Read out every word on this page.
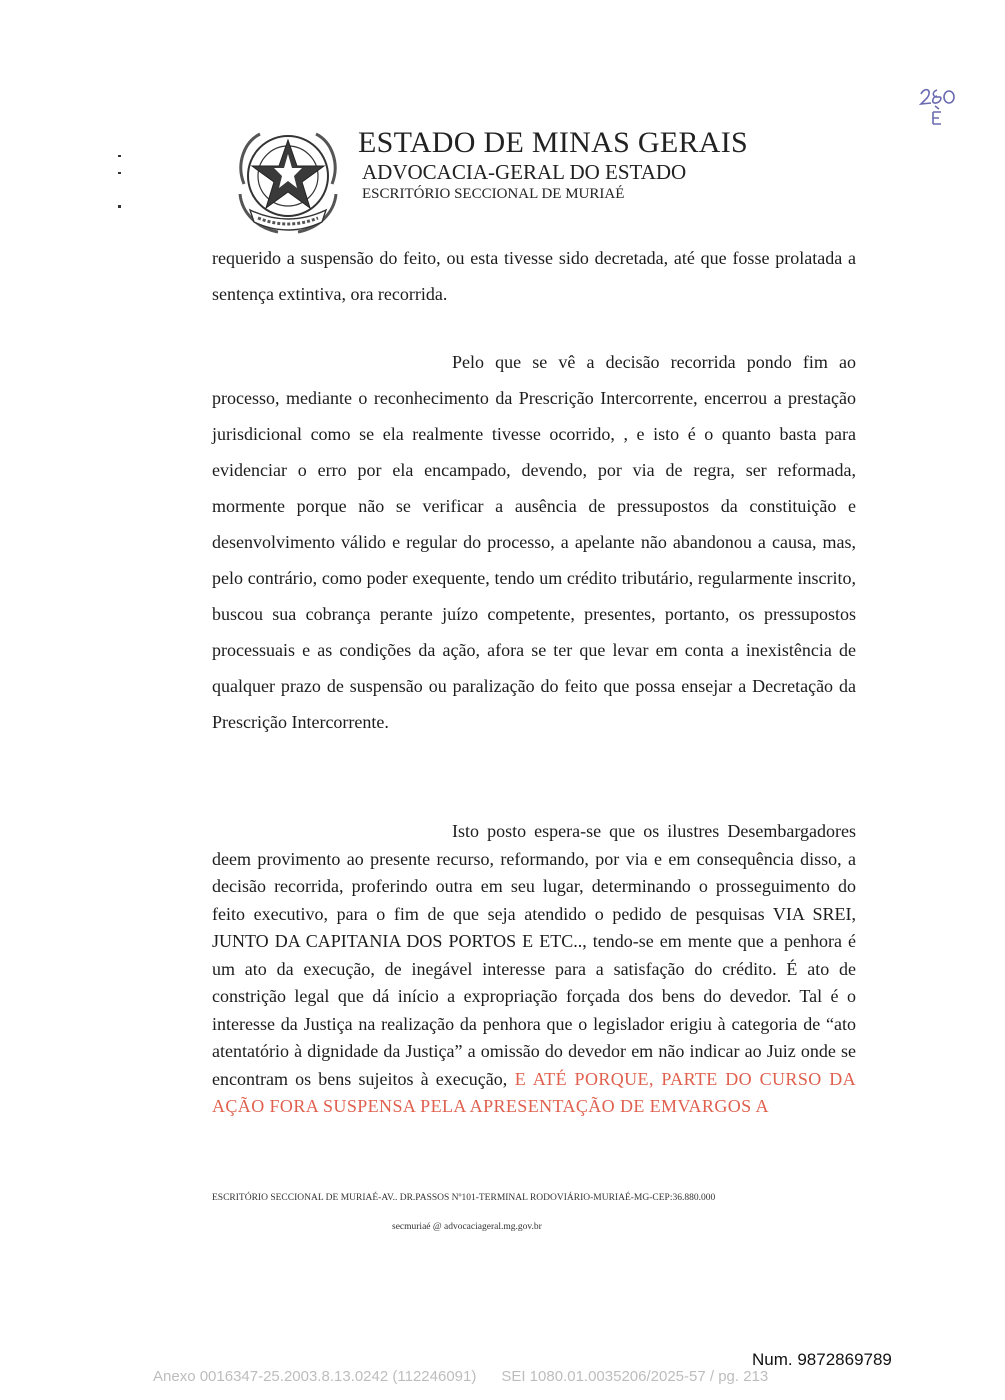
ESTADO DE MINAS GERAIS
ADVOCACIA-GERAL DO ESTADO
ESCRITÓRIO SECCIONAL DE MURIAÉ
requerido a suspensão do feito, ou esta tivesse sido decretada, até que fosse prolatada a sentença extintiva, ora recorrida.
Pelo que se vê a decisão recorrida pondo fim ao processo, mediante o reconhecimento da Prescrição Intercorrente, encerrou a prestação jurisdicional como se ela realmente tivesse ocorrido, , e isto é o quanto basta para evidenciar o erro por ela encampado, devendo, por via de regra, ser reformada, mormente porque não se verificar a ausência de pressupostos da constituição e desenvolvimento válido e regular do processo, a apelante não abandonou a causa, mas, pelo contrário, como poder exequente, tendo um crédito tributário, regularmente inscrito, buscou sua cobrança perante juízo competente, presentes, portanto, os pressupostos processuais e as condições da ação, afora se ter que levar em conta a inexistência de qualquer prazo de suspensão ou paralização do feito que possa ensejar a Decretação da Prescrição Intercorrente.
Isto posto espera-se que os ilustres Desembargadores deem provimento ao presente recurso, reformando, por via e em consequência disso, a decisão recorrida, proferindo outra em seu lugar, determinando o prosseguimento do feito executivo, para o fim de que seja atendido o pedido de pesquisas VIA SREI, JUNTO DA CAPITANIA DOS PORTOS E ETC.., tendo-se em mente que a penhora é um ato da execução, de inegável interesse para a satisfação do crédito. É ato de constrição legal que dá início a expropriação forçada dos bens do devedor. Tal é o interesse da Justiça na realização da penhora que o legislador erigiu à categoria de “ato atentatório à dignidade da Justiça” a omissão do devedor em não indicar ao Juiz onde se encontram os bens sujeitos à execução, E ATÉ PORQUE, PARTE DO CURSO DA AÇÃO FORA SUSPENSA PELA APRESENTAÇÃO DE EMVARGOS A
ESCRITÓRIO SECCIONAL DE MURIAÉ-AV.. DR.PASSOS Nº101-TERMINAL RODOVIÁRIO-MURIAÉ-MG-CEP:36.880.000
secmuriaé @ advocaciageral.mg.gov.br
Num. 9872869789
Anexo 0016347-25.2003.8.13.0242 (112246091)      SEI 1080.01.0035206/2025-57 / pg. 213
